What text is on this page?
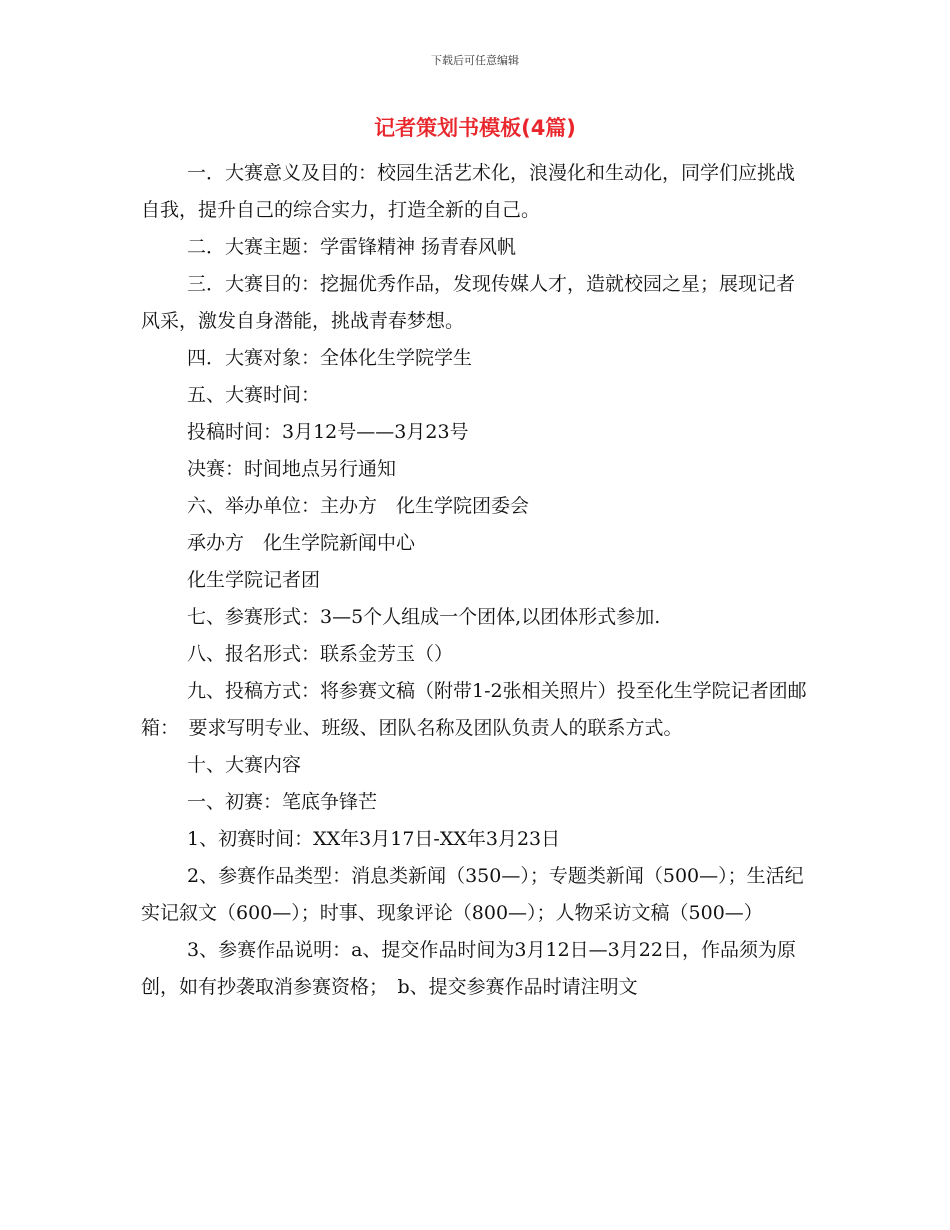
下载后可任意编辑
记者策划书模板(4篇)

一．大赛意义及目的：校园生活艺术化，浪漫化和生动化，同学们应挑战自我，提升自己的综合实力，打造全新的自己。

二．大赛主题：学雷锋精神 扬青春风帆

三．大赛目的：挖掘优秀作品，发现传媒人才，造就校园之星；展现记者风采，激发自身潜能，挑战青春梦想。

四．大赛对象：全体化生学院学生

五、大赛时间：

投稿时间：3月12号——3月23号

决赛：时间地点另行通知

六、举办单位：主办方　化生学院团委会

承办方　化生学院新闻中心

化生学院记者团

七、参赛形式：3—5个人组成一个团体,以团体形式参加.

八、报名形式：联系金芳玉（）

九、投稿方式：将参赛文稿（附带1-2张相关照片）投至化生学院记者团邮箱：　要求写明专业、班级、团队名称及团队负责人的联系方式。

十、大赛内容

一、初赛：笔底争锋芒

1、初赛时间：XX年3月17日-XX年3月23日

2、参赛作品类型：消息类新闻（350—）；专题类新闻（500—）；生活纪实记叙文（600—）；时事、现象评论（800—）；人物采访文稿（500—）

3、参赛作品说明：a、提交作品时间为3月12日—3月22日，作品须为原创，如有抄袭取消参赛资格；　b、提交参赛作品时请注明文
